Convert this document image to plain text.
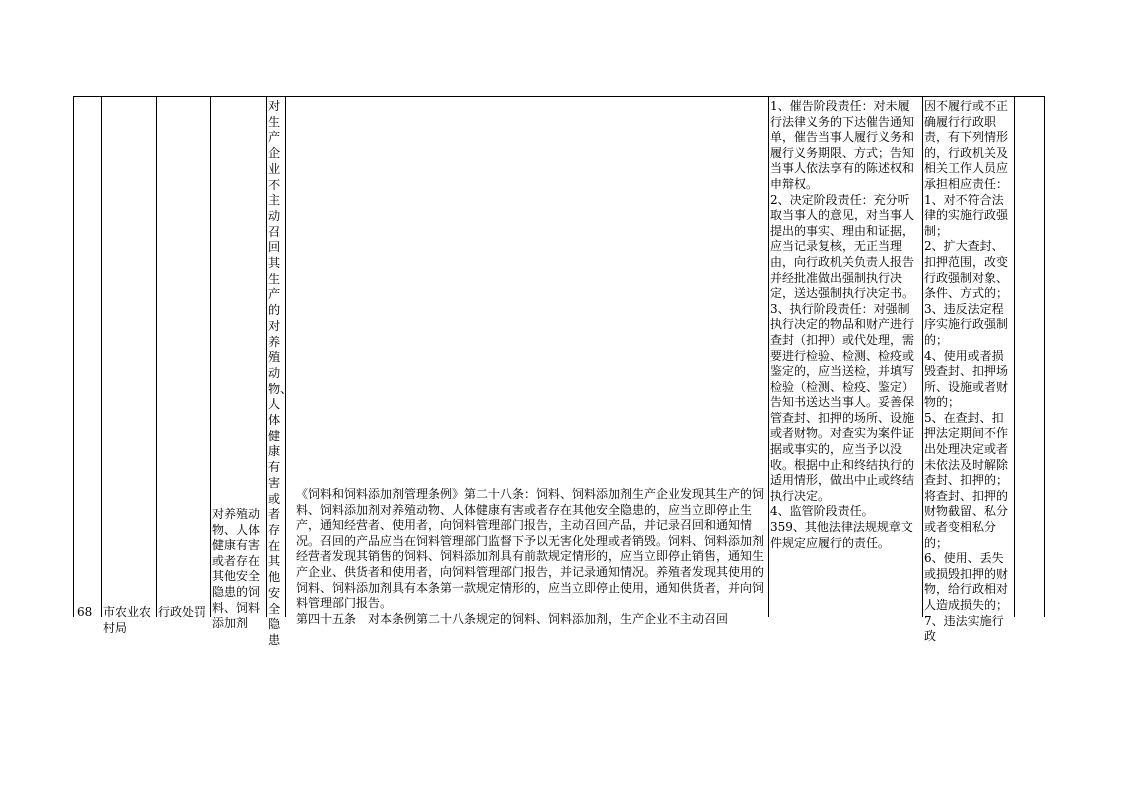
68 市农业农村局
行政处罚
对养殖动物、人体健康有害或者存在其他安全隐患的饲料、饲料添加剂
对生产企业不主动召回其生产的对养殖动物、人体健康有害或者存在其他安全隐患

《饲料和饲料添加剂管理条例》第二十八条：饲料、饲料添加剂生产企业发现其生产的饲料、饲料添加剂对养殖动物、人体健康有害或者存在其他安全隐患的，应当立即停止生产，通知经营者、使用者，向饲料管理部门报告，主动召回产品，并记录召回和通知情况。召回的产品应当在饲料管理部门监督下予以无害化处理或者销毁。饲料、饲料添加剂经营者发现其销售的饲料、饲料添加剂具有前款规定情形的，应当立即停止销售，通知生产企业、供货者和使用者，向饲料管理部门报告，并记录通知情况。养殖者发现其使用的饲料、饲料添加剂具有本条第一款规定情形的，应当立即停止使用，通知供货者，并向饲料管理部门报告。

第四十五条　对本条例第二十八条规定的饲料、饲料添加剂，生产企业不主动召回

1、催告阶段责任：对未履行法律义务的下达催告通知单，催告当事人履行义务和履行义务期限、方式；告知当事人依法享有的陈述权和申辩权。

2、决定阶段责任：充分听取当事人的意见，对当事人提出的事实、理由和证据，应当记录复核，无正当理由，向行政机关负责人报告并经批准做出强制执行决定，送达强制执行决定书。

3、执行阶段责任：对强制执行决定的物品和财产进行查封（扣押）或代处理，需要进行检验、检测、检疫或鉴定的，应当送检，并填写检验（检测、检疫、鉴定）告知书送达当事人。妥善保管查封、扣押的场所、设施或者财物。对查实为案件证据或事实的，应当予以没收。根据中止和终结执行的适用情形，做出中止或终结执行决定。

4、监管阶段责任。

359、其他法律法规规章文件规定应履行的责任。

因不履行或不正确履行行政职责，有下列情形的，行政机关及相关工作人员应承担相应责任：

1、对不符合法律的实施行政强制；

2、扩大查封、扣押范围，改变行政强制对象、条件、方式的；

3、违反法定程序实施行政强制的；

4、使用或者损毁查封、扣押场所、设施或者财物的；

5、在查封、扣押法定期间不作出处理决定或者未依法及时解除查封、扣押的；将查封、扣押的财物截留、私分或者变相私分的；

6、使用、丢失或损毁扣押的财物，给行政相对人造成损失的；

7、违法实施行政
